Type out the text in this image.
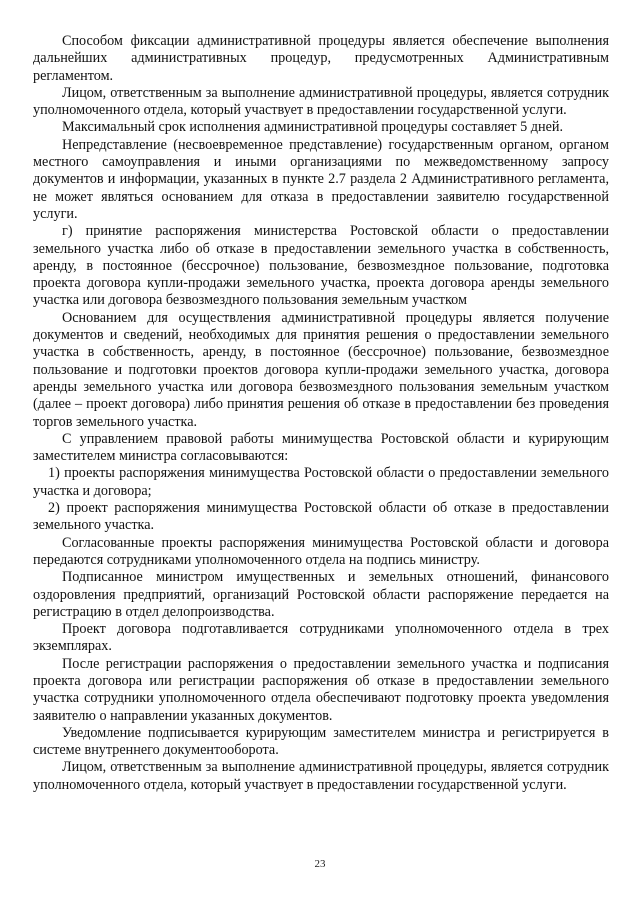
Способом фиксации административной процедуры является обеспечение выполнения дальнейших административных процедур, предусмотренных Административным регламентом.

Лицом, ответственным за выполнение административной процедуры, является сотрудник уполномоченного отдела, который участвует в предоставлении государственной услуги.

Максимальный срок исполнения административной процедуры составляет 5 дней.

Непредставление (несвоевременное представление) государственным органом, органом местного самоуправления и иными организациями по межведомственному запросу документов и информации, указанных в пункте 2.7 раздела 2 Административного регламента, не может являться основанием для отказа в предоставлении заявителю государственной услуги.

г) принятие распоряжения министерства Ростовской области о предоставлении земельного участка либо об отказе в предоставлении земельного участка в собственность, аренду, в постоянное (бессрочное) пользование, безвозмездное пользование, подготовка проекта договора купли-продажи земельного участка, проекта договора аренды земельного участка или договора безвозмездного пользования земельным участком

Основанием для осуществления административной процедуры является получение документов и сведений, необходимых для принятия решения о предоставлении земельного участка в собственность, аренду, в постоянное (бессрочное) пользование, безвозмездное пользование и подготовки проектов договора купли-продажи земельного участка, договора аренды земельного участка или договора безвозмездного пользования земельным участком (далее – проект договора) либо принятия решения об отказе в предоставлении без проведения торгов земельного участка.

С управлением правовой работы минимущества Ростовской области и курирующим заместителем министра согласовываются:

1) проекты распоряжения минимущества Ростовской области о предоставлении земельного участка и договора;

2) проект распоряжения минимущества Ростовской области об отказе в предоставлении земельного участка.

Согласованные проекты распоряжения минимущества Ростовской области и договора передаются сотрудниками уполномоченного отдела на подпись министру.

Подписанное министром имущественных и земельных отношений, финансового оздоровления предприятий, организаций Ростовской области распоряжение передается на регистрацию в отдел делопроизводства.

Проект договора подготавливается сотрудниками уполномоченного отдела в трех экземплярах.

После регистрации распоряжения о предоставлении земельного участка и подписания проекта договора или регистрации распоряжения об отказе в предоставлении земельного участка сотрудники уполномоченного отдела обеспечивают подготовку проекта уведомления заявителю о направлении указанных документов.

Уведомление подписывается курирующим заместителем министра и регистрируется в системе внутреннего документооборота.

Лицом, ответственным за выполнение административной процедуры, является сотрудник уполномоченного отдела, который участвует в предоставлении государственной услуги.

23
